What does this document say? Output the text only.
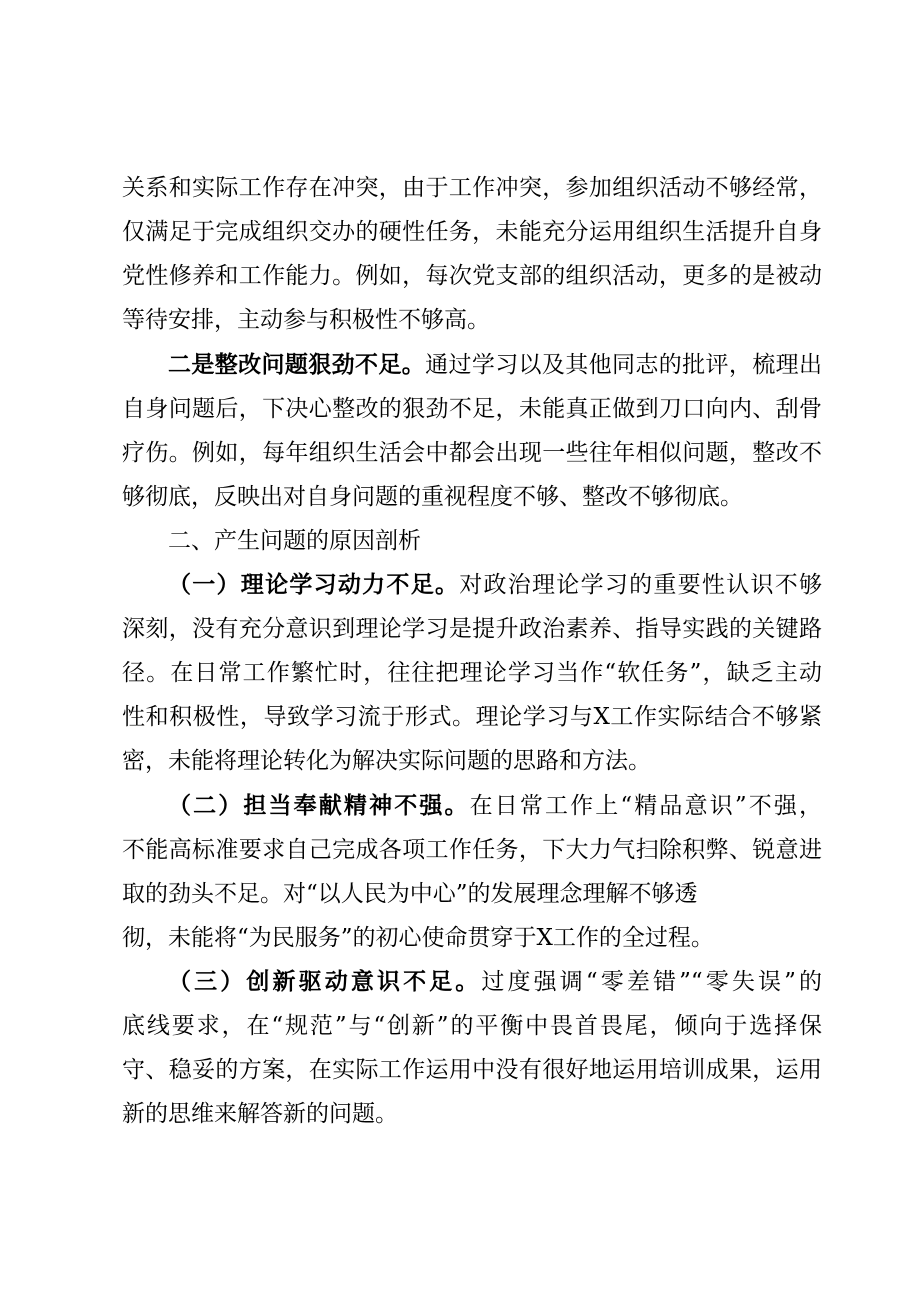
关系和实际工作存在冲突，由于工作冲突，参加组织活动不够经常，
仅满足于完成组织交办的硬性任务，未能充分运用组织生活提升自身
党性修养和工作能力。例如，每次党支部的组织活动，更多的是被动
等待安排，主动参与积极性不够高。
二是整改问题狠劲不足。通过学习以及其他同志的批评，梳理出
自身问题后，下决心整改的狠劲不足，未能真正做到刀口向内、刮骨
疗伤。例如，每年组织生活会中都会出现一些往年相似问题，整改不
够彻底，反映出对自身问题的重视程度不够、整改不够彻底。
二、产生问题的原因剖析
（一）理论学习动力不足。对政治理论学习的重要性认识不够
深刻，没有充分意识到理论学习是提升政治素养、指导实践的关键路
径。在日常工作繁忙时，往往把理论学习当作“软任务”，缺乏主动
性和积极性，导致学习流于形式。理论学习与X工作实际结合不够紧
密，未能将理论转化为解决实际问题的思路和方法。
（二）担当奉献精神不强。在日常工作上“精品意识”不强，
不能高标准要求自己完成各项工作任务，下大力气扫除积弊、锐意进
取的劲头不足。对“以人民为中心”的发展理念理解不够透
彻，未能将“为民服务”的初心使命贯穿于X工作的全过程。
（三）创新驱动意识不足。过度强调“零差错”“零失误”的
底线要求，在“规范”与“创新”的平衡中畏首畏尾，倾向于选择保
守、稳妥的方案，在实际工作运用中没有很好地运用培训成果，运用
新的思维来解答新的问题。
